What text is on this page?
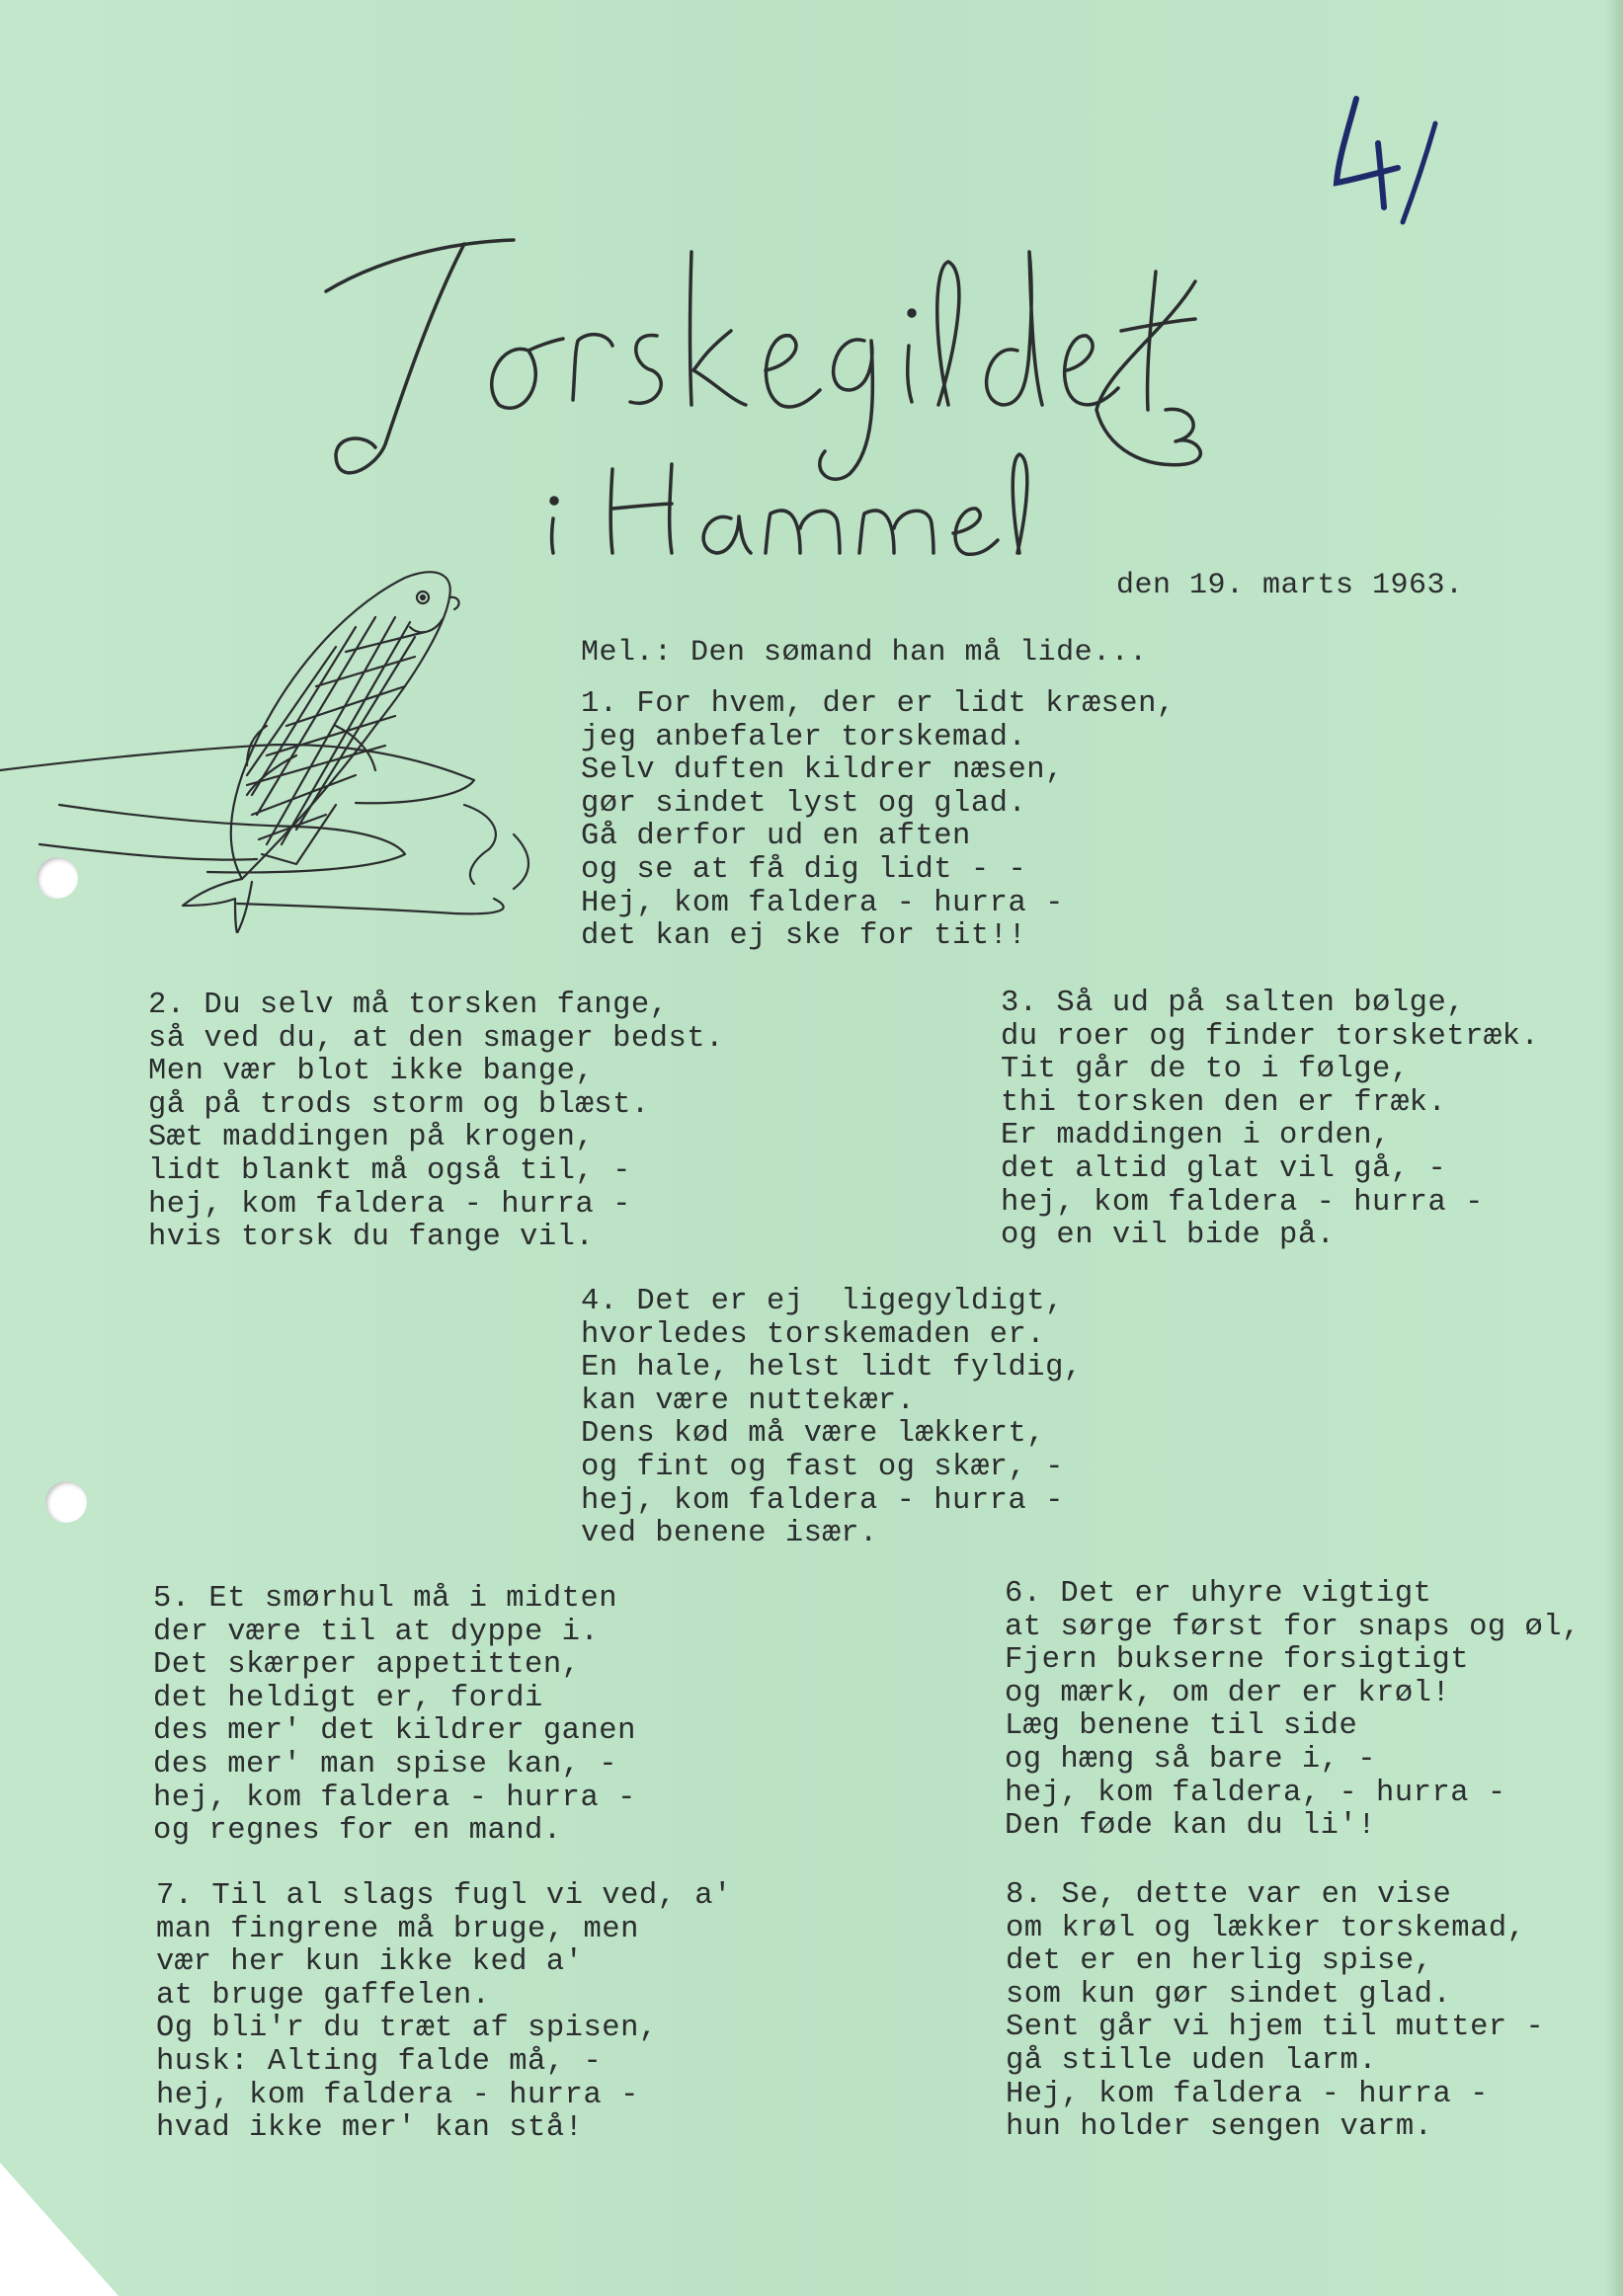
den 19. marts 1963.
Mel.: Den sømand han må lide...
1. For hvem, der er lidt kræsen,
jeg anbefaler torskemad.
Selv duften kildrer næsen,
gør sindet lyst og glad.
Gå derfor ud en aften
og se at få dig lidt - -
Hej, kom faldera - hurra -
det kan ej ske for tit!!
2. Du selv må torsken fange,
så ved du, at den smager bedst.
Men vær blot ikke bange,
gå på trods storm og blæst.
Sæt maddingen på krogen,
lidt blankt må også til, -
hej, kom faldera - hurra -
hvis torsk du fange vil.
3. Så ud på salten bølge,
du roer og finder torsketræk.
Tit går de to i følge,
thi torsken den er fræk.
Er maddingen i orden,
det altid glat vil gå, -
hej, kom faldera - hurra -
og en vil bide på.
4. Det er ej  ligegyldigt,
hvorledes torskemaden er.
En hale, helst lidt fyldig,
kan være nuttekær.
Dens kød må være lækkert,
og fint og fast og skær, -
hej, kom faldera - hurra -
ved benene især.
5. Et smørhul må i midten
der være til at dyppe i.
Det skærper appetitten,
det heldigt er, fordi
des mer' det kildrer ganen
des mer' man spise kan, -
hej, kom faldera - hurra -
og regnes for en mand.
6. Det er uhyre vigtigt
at sørge først for snaps og øl,
Fjern bukserne forsigtigt
og mærk, om der er krøl!
Læg benene til side
og hæng så bare i, -
hej, kom faldera, - hurra -
Den føde kan du li'!
7. Til al slags fugl vi ved, a'
man fingrene må bruge, men
vær her kun ikke ked a'
at bruge gaffelen.
Og bli'r du træt af spisen,
husk: Alting falde må, -
hej, kom faldera - hurra -
hvad ikke mer' kan stå!
8. Se, dette var en vise
om krøl og lækker torskemad,
det er en herlig spise,
som kun gør sindet glad.
Sent går vi hjem til mutter -
gå stille uden larm.
Hej, kom faldera - hurra -
hun holder sengen varm.
